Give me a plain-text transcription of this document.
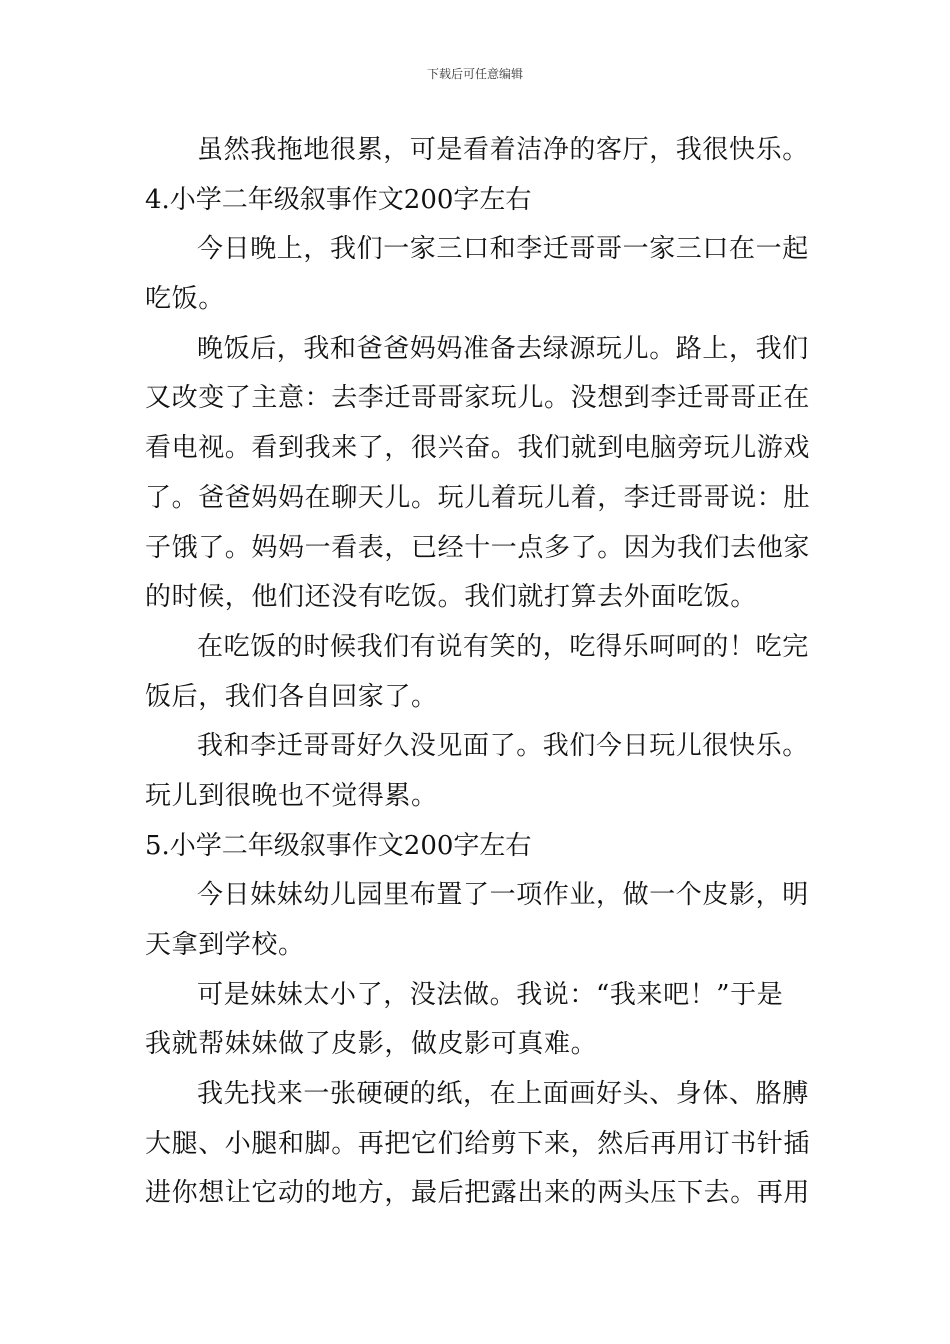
下载后可任意编辑
虽然我拖地很累，可是看着洁净的客厅，我很快乐。
4.小学二年级叙事作文200字左右
今日晚上，我们一家三口和李迁哥哥一家三口在一起
吃饭。
晚饭后，我和爸爸妈妈准备去绿源玩儿。路上，我们
又改变了主意：去李迁哥哥家玩儿。没想到李迁哥哥正在
看电视。看到我来了，很兴奋。我们就到电脑旁玩儿游戏
了。爸爸妈妈在聊天儿。玩儿着玩儿着，李迁哥哥说：肚
子饿了。妈妈一看表，已经十一点多了。因为我们去他家
的时候，他们还没有吃饭。我们就打算去外面吃饭。
在吃饭的时候我们有说有笑的，吃得乐呵呵的！吃完
饭后，我们各自回家了。
我和李迁哥哥好久没见面了。我们今日玩儿很快乐。
玩儿到很晚也不觉得累。
5.小学二年级叙事作文200字左右
今日妹妹幼儿园里布置了一项作业，做一个皮影，明
天拿到学校。
可是妹妹太小了，没法做。我说：“我来吧！”于是
我就帮妹妹做了皮影，做皮影可真难。
我先找来一张硬硬的纸，在上面画好头、身体、胳膊
大腿、小腿和脚。再把它们给剪下来，然后再用订书针插
进你想让它动的地方，最后把露出来的两头压下去。再用
